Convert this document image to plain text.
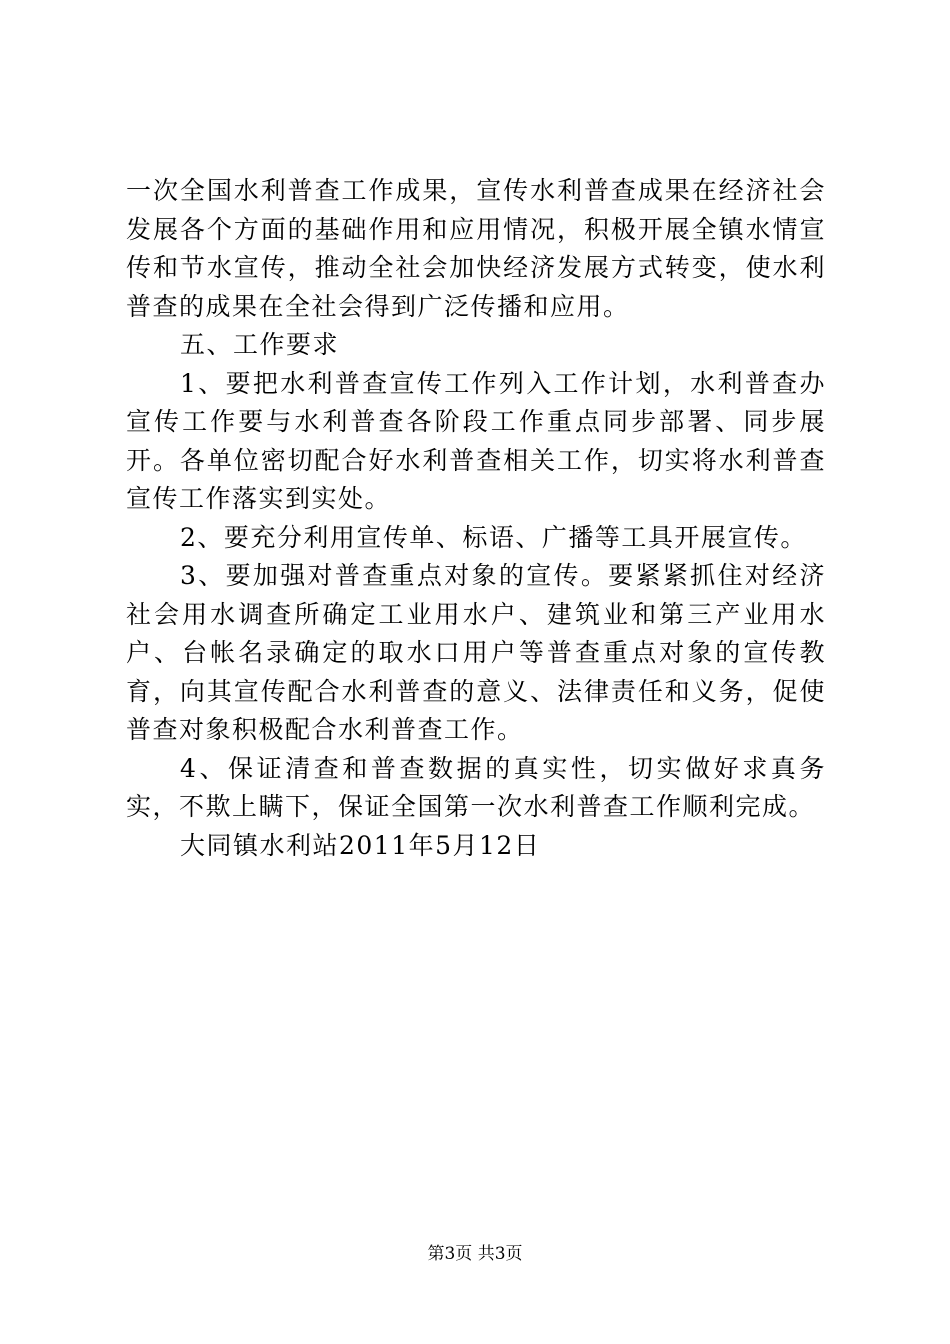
一次全国水利普查工作成果，宣传水利普查成果在经济社会发展各个方面的基础作用和应用情况，积极开展全镇水情宣传和节水宣传，推动全社会加快经济发展方式转变，使水利普查的成果在全社会得到广泛传播和应用。

五、工作要求

1、要把水利普查宣传工作列入工作计划，水利普查办宣传工作要与水利普查各阶段工作重点同步部署、同步展开。各单位密切配合好水利普查相关工作，切实将水利普查宣传工作落实到实处。

2、要充分利用宣传单、标语、广播等工具开展宣传。

3、要加强对普查重点对象的宣传。要紧紧抓住对经济社会用水调查所确定工业用水户、建筑业和第三产业用水户、台帐名录确定的取水口用户等普查重点对象的宣传教育，向其宣传配合水利普查的意义、法律责任和义务，促使普查对象积极配合水利普查工作。

4、保证清查和普查数据的真实性，切实做好求真务实，不欺上瞒下，保证全国第一次水利普查工作顺利完成。

大同镇水利站2011年5月12日

第3页 共3页
